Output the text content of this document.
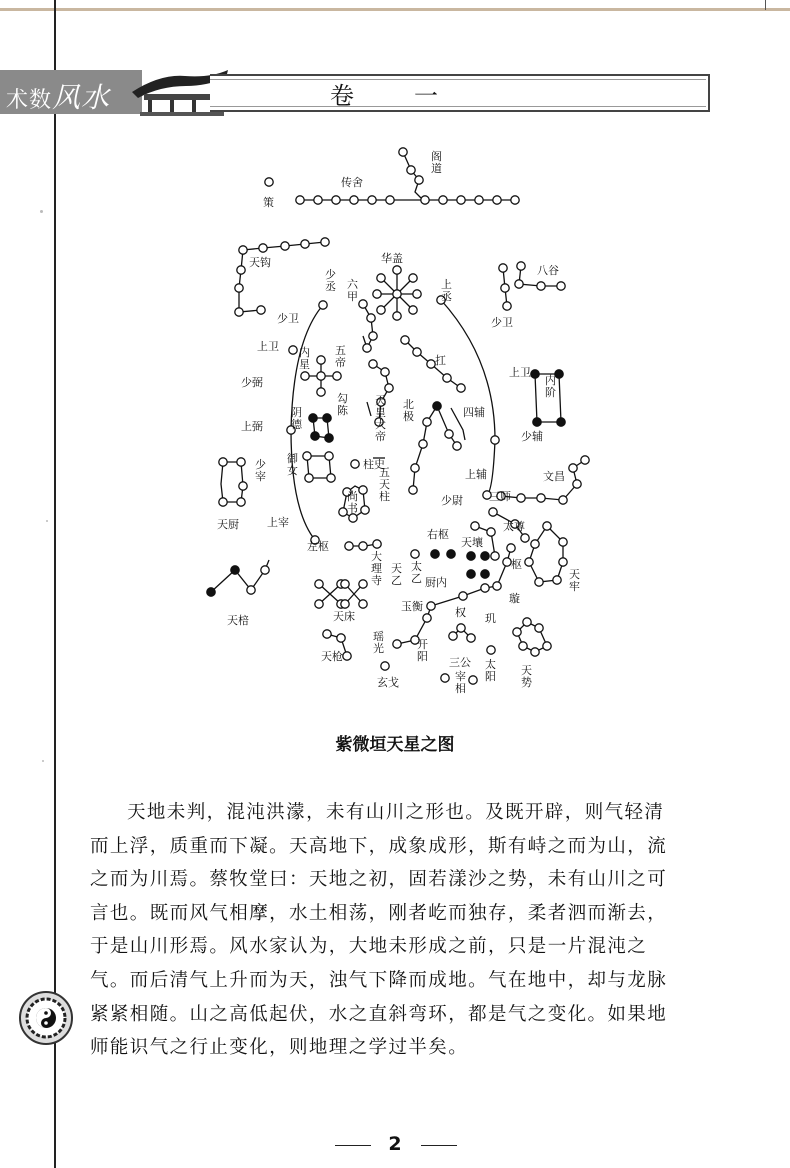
术数风水	卷一
策
传舍
阁道
天钩
八谷
华盖
六甲
少丞	上丞
少卫	少卫
上卫
上卫
内星
五帝	扛
内阶
少弼
勾陈
天皇大帝
上弼
阴德
北极	四辅
少辅
少宰
御女	柱史
上辅	文昌
五天柱	少尉 三师
尚书
天厨	上宰
右枢
太尊
左枢	天壤
大理寺
天乙
太乙 厨内
枢
天牢
天棓	天床
玉衡	权 玑
璇
天枪
瑶光	开阳 三公 太阳 天势
玄戈	宰相
紫微垣天星之图
天地未判，混沌洪濛，未有山川之形也。及既开辟，则气轻清
而上浮，质重而下凝。天高地下，成象成形，斯有峙之而为山，流
之而为川焉。蔡牧堂曰：天地之初，固若漾沙之势，未有山川之可
言也。既而风气相摩，水土相荡，刚者屹而独存，柔者泗而渐去，
于是山川形焉。风水家认为，大地未形成之前，只是一片混沌之
气。而后清气上升而为天，浊气下降而成地。气在地中，却与龙脉
紧紧相随。山之高低起伏，水之直斜弯环，都是气之变化。如果地
师能识气之行止变化，则地理之学过半矣。
2
